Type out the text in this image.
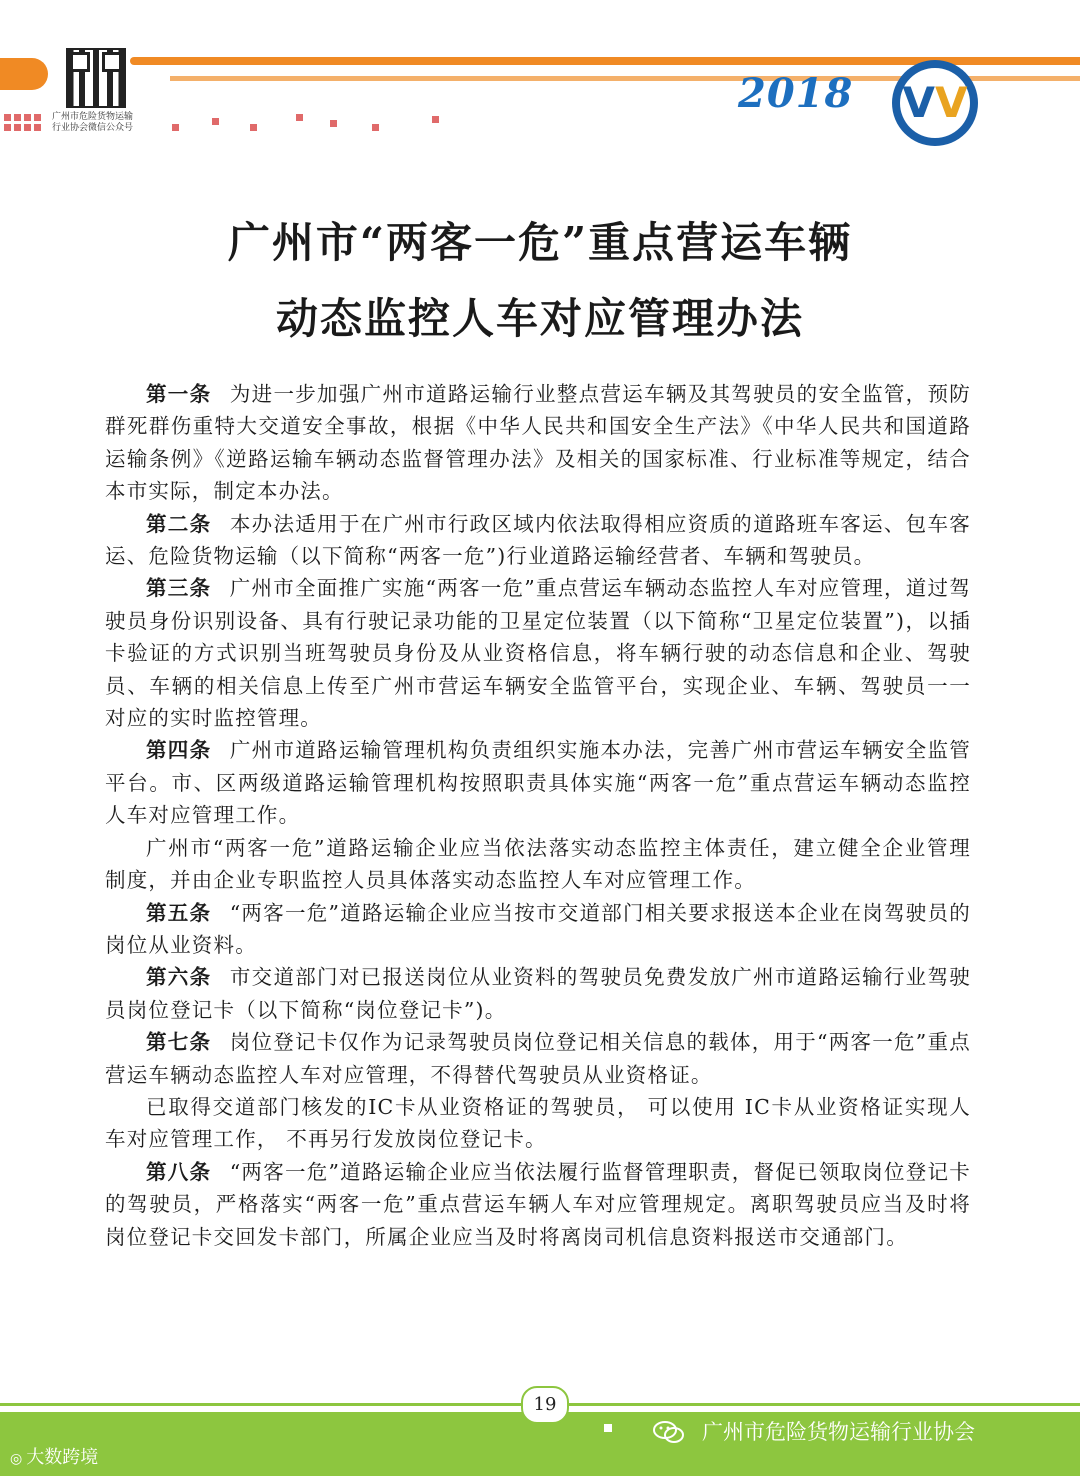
广州市危险货物运输
行业协会微信公众号
2018 VV
广州市“两客一危”重点营运车辆
动态监控人车对应管理办法

第一条 为进一步加强广州市道路运输行业整点营运车辆及其驾驶员的安全监管，预防群死群伤重特大交道安全事故，根据《中华人民共和国安全生产法》《中华人民共和国道路运输条例》《逆路运输车辆动态监督管理办法》及相关的国家标准、行业标准等规定，结合本市实际，制定本办法。

第二条 本办法适用于在广州市行政区域内依法取得相应资质的道路班车客运、包车客运、危险货物运输（以下简称“两客一危”)行业道路运输经营者、车辆和驾驶员。

第三条 广州市全面推广实施“两客一危”重点营运车辆动态监控人车对应管理，道过驾驶员身份识别设备、具有行驶记录功能的卫星定位装置（以下简称“卫星定位装置”)，以插卡验证的方式识别当班驾驶员身份及从业资格信息，将车辆行驶的动态信息和企业、驾驶员、车辆的相关信息上传至广州市营运车辆安全监管平台，实现企业、车辆、驾驶员一一对应的实时监控管理。

第四条 广州市道路运输管理机构负责组织实施本办法，完善广州市营运车辆安全监管平台。市、区两级道路运输管理机构按照职责具体实施“两客一危”重点营运车辆动态监控人车对应管理工作。

广州市“两客一危”道路运输企业应当依法落实动态监控主体责任，建立健全企业管理制度，并由企业专职监控人员具体落实动态监控人车对应管理工作。

第五条 “两客一危”道路运输企业应当按市交道部门相关要求报送本企业在岗驾驶员的岗位从业资料。

第六条 市交道部门对已报送岗位从业资料的驾驶员免费发放广州市道路运输行业驾驶员岗位登记卡（以下简称“岗位登记卡”)。

第七条 岗位登记卡仅作为记录驾驶员岗位登记相关信息的载体，用于“两客一危”重点营运车辆动态监控人车对应管理，不得替代驾驶员从业资格证。

已取得交道部门核发的IC卡从业资格证的驾驶员， 可以使用 IC卡从业资格证实现人车对应管理工作， 不再另行发放岗位登记卡。

第八条 “两客一危”道路运输企业应当依法履行监督管理职责，督促已领取岗位登记卡的驾驶员，严格落实“两客一危”重点营运车辆人车对应管理规定。离职驾驶员应当及时将岗位登记卡交回发卡部门，所属企业应当及时将离岗司机信息资料报送市交通部门。

19
广州市危险货物运输行业协会
◎ 大数跨境
